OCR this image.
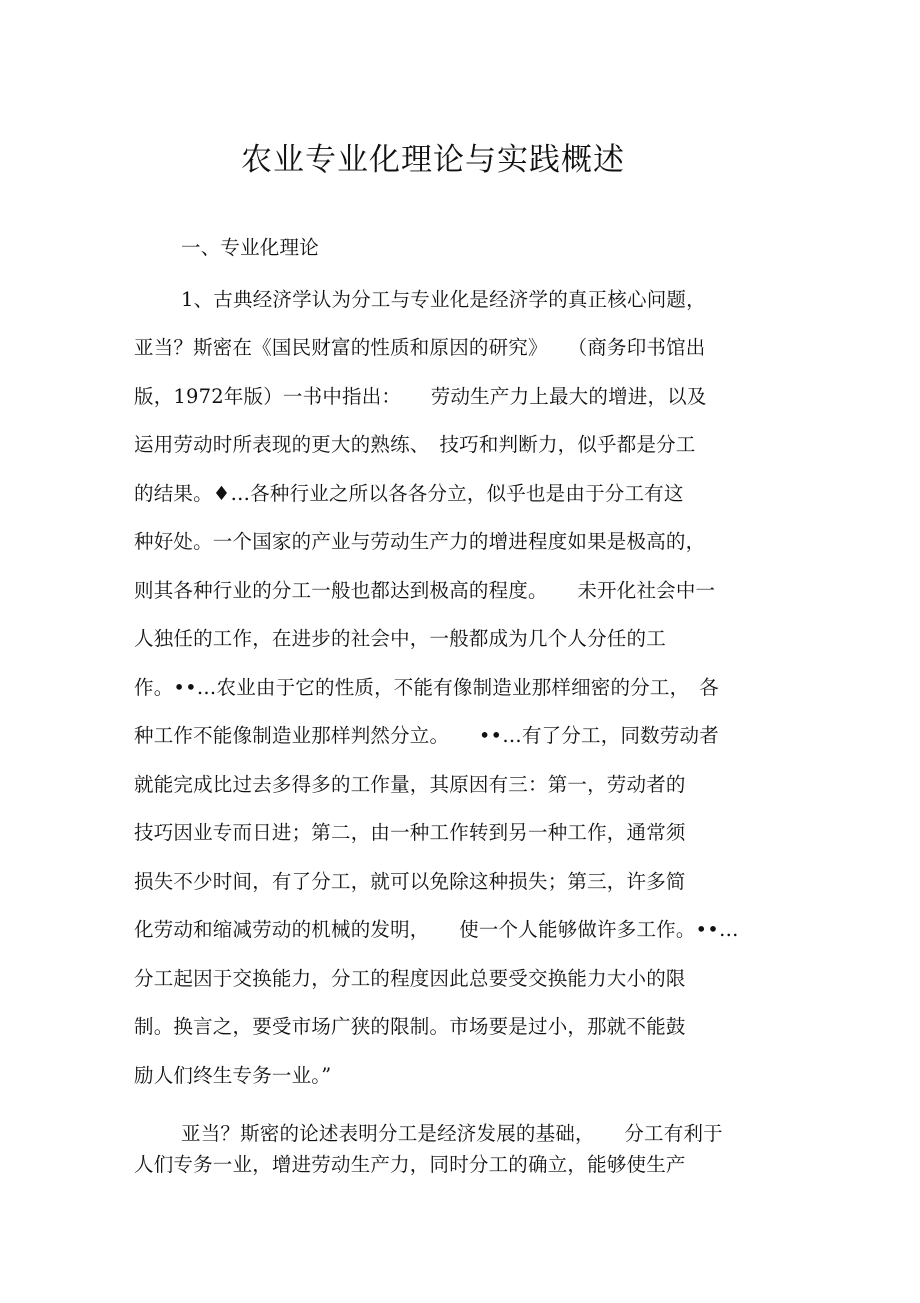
农业专业化理论与实践概述
一、专业化理论
1、古典经济学认为分工与专业化是经济学的真正核心问题，
亚当？斯密在《国民财富的性质和原因的研究》　　（商务印书馆出
版，1972年版）一书中指出：　　劳动生产力上最大的增进，以及
运用劳动时所表现的更大的熟练、　技巧和判断力，似乎都是分工
的结果。♦…各种行业之所以各各分立，似乎也是由于分工有这
种好处。一个国家的产业与劳动生产力的增进程度如果是极高的，
则其各种行业的分工一般也都达到极高的程度。　　未开化社会中一
人独任的工作，在进步的社会中，一般都成为几个人分任的工
作。••…农业由于它的性质，不能有像制造业那样细密的分工，　各
种工作不能像制造业那样判然分立。　　••…有了分工，同数劳动者
就能完成比过去多得多的工作量，其原因有三：第一，劳动者的
技巧因业专而日进；第二，由一种工作转到另一种工作，通常须
损失不少时间，有了分工，就可以免除这种损失；第三，许多简
化劳动和缩减劳动的机械的发明，　　使一个人能够做许多工作。••…
分工起因于交换能力，分工的程度因此总要受交换能力大小的限
制。换言之，要受市场广狭的限制。市场要是过小，那就不能鼓
励人们终生专务一业。”
亚当？斯密的论述表明分工是经济发展的基础，　　分工有利于
人们专务一业，增进劳动生产力，同时分工的确立，能够使生产
